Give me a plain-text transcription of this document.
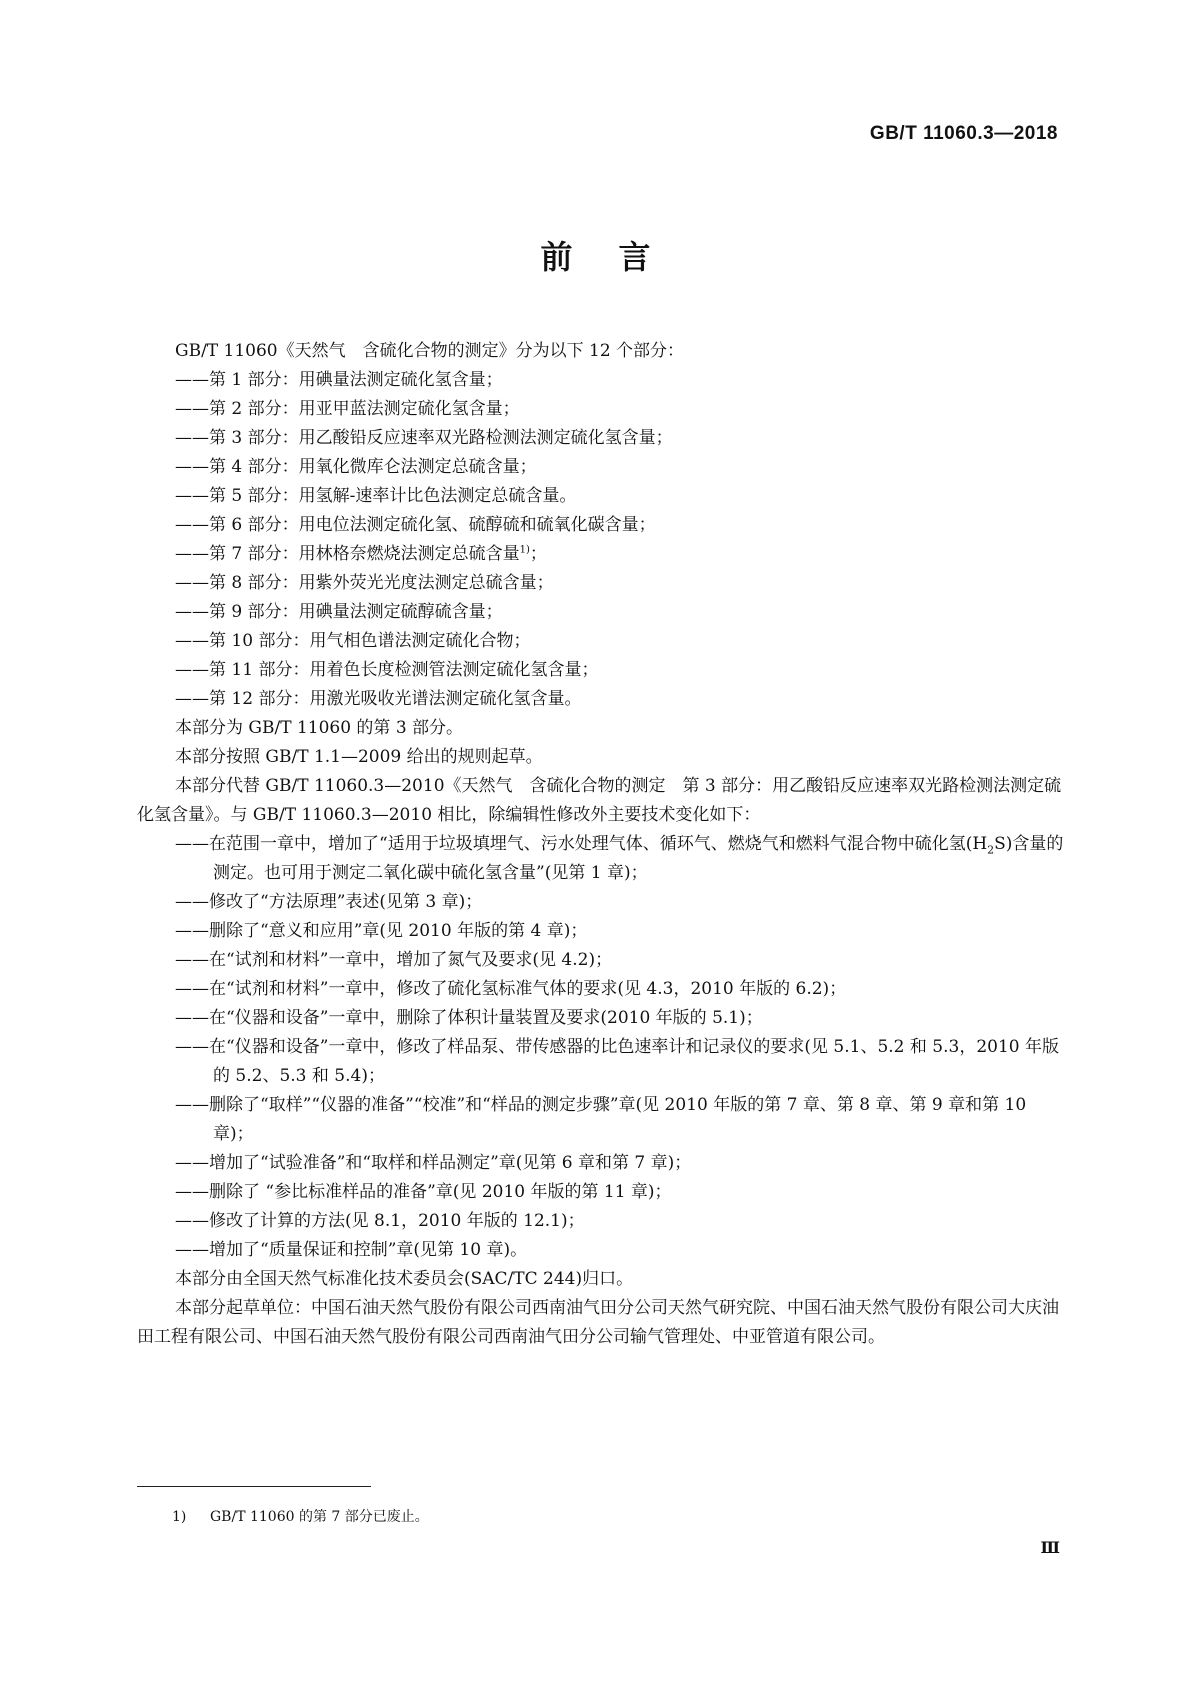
GB/T 11060.3—2018
前言
GB/T 11060《天然气　含硫化合物的测定》分为以下 12 个部分：
——第 1 部分：用碘量法测定硫化氢含量；
——第 2 部分：用亚甲蓝法测定硫化氢含量；
——第 3 部分：用乙酸铅反应速率双光路检测法测定硫化氢含量；
——第 4 部分：用氧化微库仑法测定总硫含量；
——第 5 部分：用氢解-速率计比色法测定总硫含量。
——第 6 部分：用电位法测定硫化氢、硫醇硫和硫氧化碳含量；
——第 7 部分：用林格奈燃烧法测定总硫含量$^{1)}$；
——第 8 部分：用紫外荧光光度法测定总硫含量；
——第 9 部分：用碘量法测定硫醇硫含量；
——第 10 部分：用气相色谱法测定硫化合物；
——第 11 部分：用着色长度检测管法测定硫化氢含量；
——第 12 部分：用激光吸收光谱法测定硫化氢含量。
本部分为 GB/T 11060 的第 3 部分。
本部分按照 GB/T 1.1—2009 给出的规则起草。
本部分代替 GB/T 11060.3—2010《天然气　含硫化合物的测定　第 3 部分：用乙酸铅反应速率双光路检测法测定硫化氢含量》。与 GB/T 11060.3—2010 相比，除编辑性修改外主要技术变化如下：
——在范围一章中，增加了“适用于垃圾填埋气、污水处理气体、循环气、燃烧气和燃料气混合物中硫化氢$(H_2S)$含量的测定。也可用于测定二氧化碳中硫化氢含量”(见第 1 章)；
——修改了“方法原理”表述(见第 3 章)；
——删除了“意义和应用”章(见 2010 年版的第 4 章)；
——在“试剂和材料”一章中，增加了氮气及要求(见 4.2)；
——在“试剂和材料”一章中，修改了硫化氢标准气体的要求(见 4.3，2010 年版的 6.2)；
——在“仪器和设备”一章中，删除了体积计量装置及要求(2010 年版的 5.1)；
——在“仪器和设备”一章中，修改了样品泵、带传感器的比色速率计和记录仪的要求(见 5.1、5.2 和 5.3，2010 年版的 5.2、5.3 和 5.4)；
——删除了“取样”“仪器的准备”“校准”和“样品的测定步骤”章(见 2010 年版的第 7 章、第 8 章、第 9 章和第 10 章)；
——增加了“试验准备”和“取样和样品测定”章(见第 6 章和第 7 章)；
——删除了 “参比标准样品的准备”章(见 2010 年版的第 11 章)；
——修改了计算的方法(见 8.1，2010 年版的 12.1)；
——增加了“质量保证和控制”章(见第 10 章)。
本部分由全国天然气标准化技术委员会(SAC/TC 244)归口。
本部分起草单位：中国石油天然气股份有限公司西南油气田分公司天然气研究院、中国石油天然气股份有限公司大庆油田工程有限公司、中国石油天然气股份有限公司西南油气田分公司输气管理处、中亚管道有限公司。
1) GB/T 11060 的第 7 部分已废止。
Ⅲ
